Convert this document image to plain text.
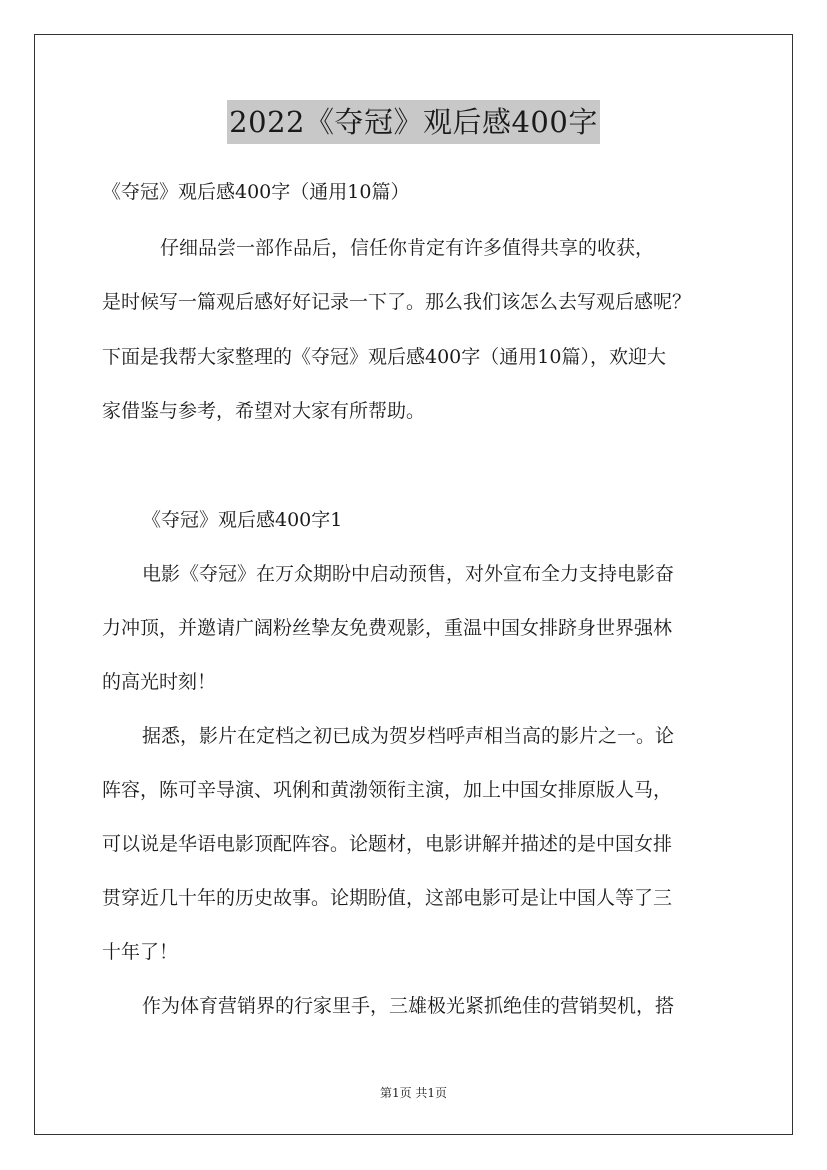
2022《夺冠》观后感400字
《夺冠》观后感400字（通用10篇）
仔细品尝一部作品后，信任你肯定有许多值得共享的收获，
是时候写一篇观后感好好记录一下了。那么我们该怎么去写观后感呢？
下面是我帮大家整理的《夺冠》观后感400字（通用10篇），欢迎大
家借鉴与参考，希望对大家有所帮助。
《夺冠》观后感400字1
电影《夺冠》在万众期盼中启动预售，对外宣布全力支持电影奋
力冲顶，并邀请广阔粉丝挚友免费观影，重温中国女排跻身世界强林
的高光时刻！
据悉，影片在定档之初已成为贺岁档呼声相当高的影片之一。论
阵容，陈可辛导演、巩俐和黄渤领衔主演，加上中国女排原版人马，
可以说是华语电影顶配阵容。论题材，电影讲解并描述的是中国女排
贯穿近几十年的历史故事。论期盼值，这部电影可是让中国人等了三
十年了！
作为体育营销界的行家里手，三雄极光紧抓绝佳的营销契机，搭
第1页 共1页
